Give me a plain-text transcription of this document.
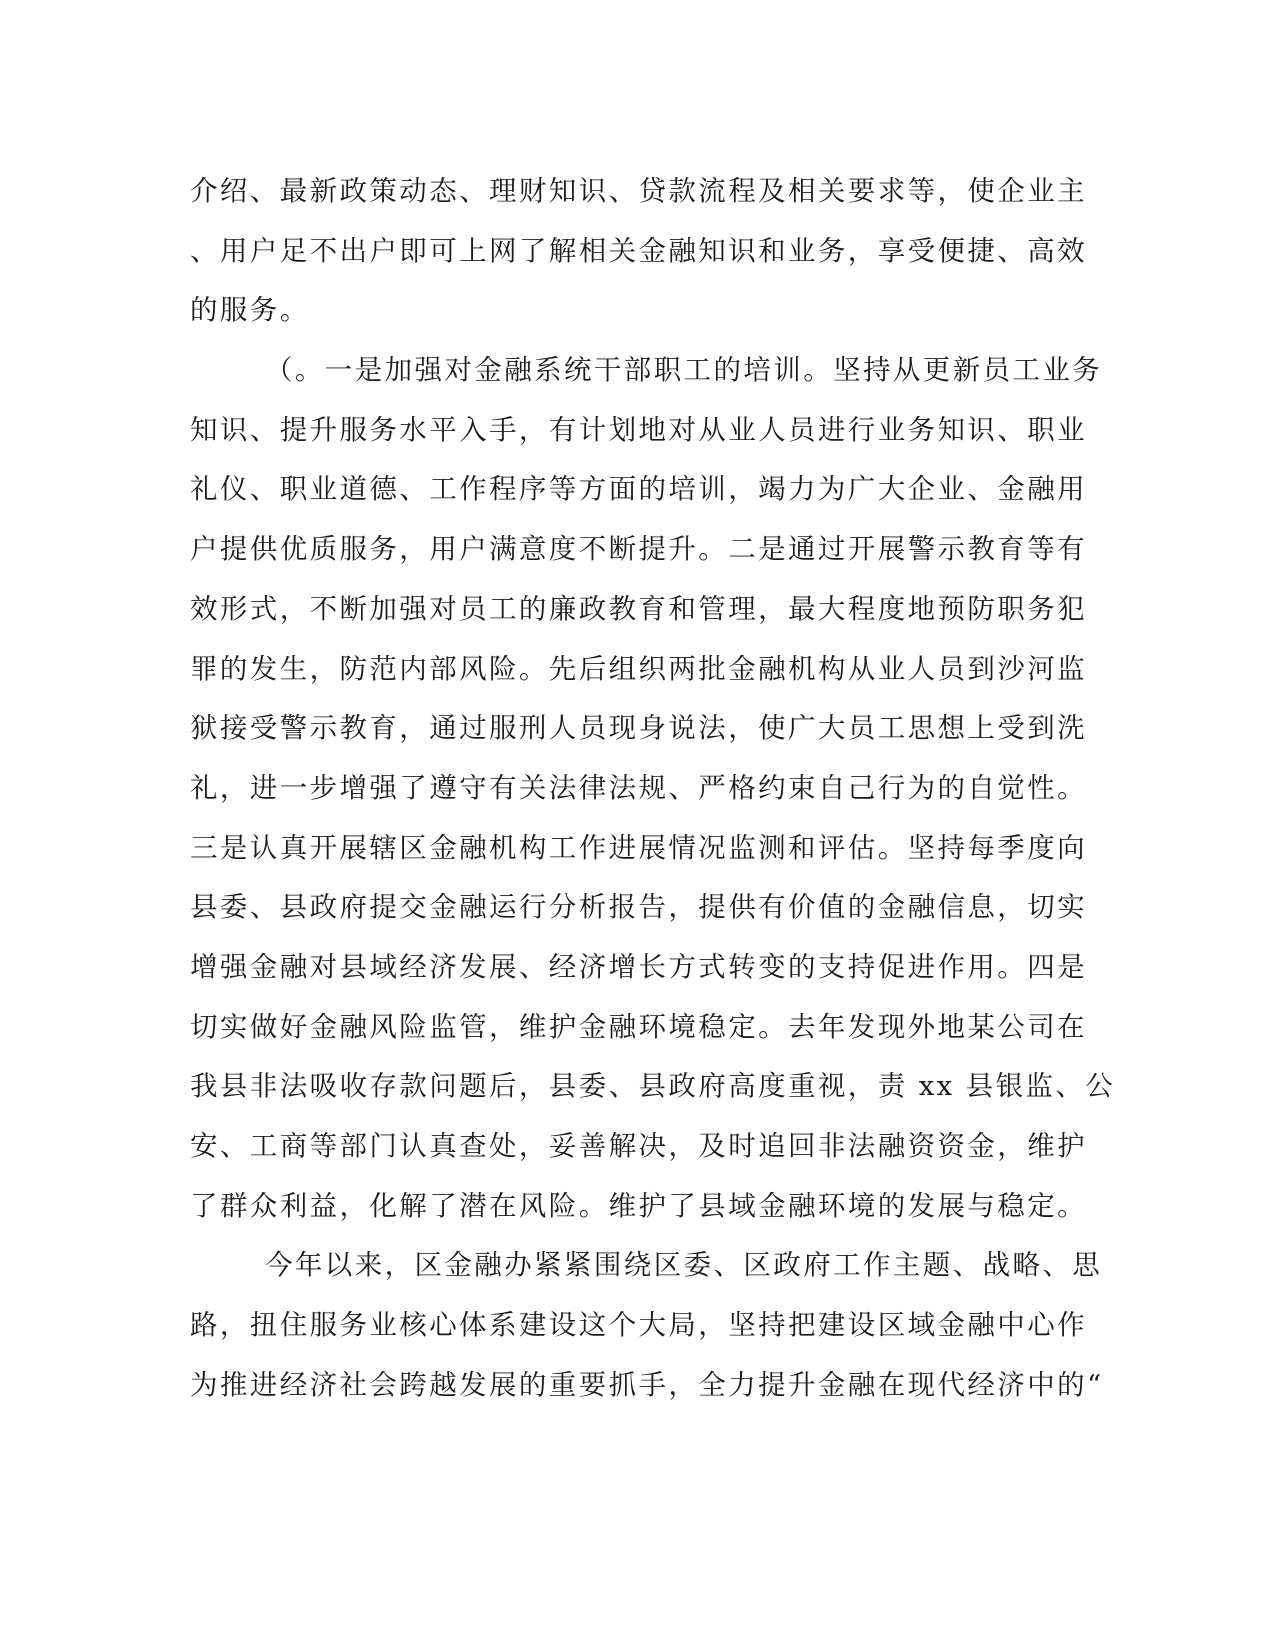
介绍、最新政策动态、理财知识、贷款流程及相关要求等，使企业主
、用户足不出户即可上网了解相关金融知识和业务，享受便捷、高效
的服务。
（。一是加强对金融系统干部职工的培训。坚持从更新员工业务
知识、提升服务水平入手，有计划地对从业人员进行业务知识、职业
礼仪、职业道德、工作程序等方面的培训，竭力为广大企业、金融用
户提供优质服务，用户满意度不断提升。二是通过开展警示教育等有
效形式，不断加强对员工的廉政教育和管理，最大程度地预防职务犯
罪的发生，防范内部风险。先后组织两批金融机构从业人员到沙河监
狱接受警示教育，通过服刑人员现身说法，使广大员工思想上受到洗
礼，进一步增强了遵守有关法律法规、严格约束自己行为的自觉性。
三是认真开展辖区金融机构工作进展情况监测和评估。坚持每季度向
县委、县政府提交金融运行分析报告，提供有价值的金融信息，切实
增强金融对县域经济发展、经济增长方式转变的支持促进作用。四是
切实做好金融风险监管，维护金融环境稳定。去年发现外地某公司在
我县非法吸收存款问题后，县委、县政府高度重视，责 xx 县银监、公
安、工商等部门认真查处，妥善解决，及时追回非法融资资金，维护
了群众利益，化解了潜在风险。维护了县域金融环境的发展与稳定。
今年以来，区金融办紧紧围绕区委、区政府工作主题、战略、思
路，扭住服务业核心体系建设这个大局，坚持把建设区域金融中心作
为推进经济社会跨越发展的重要抓手，全力提升金融在现代经济中的“
